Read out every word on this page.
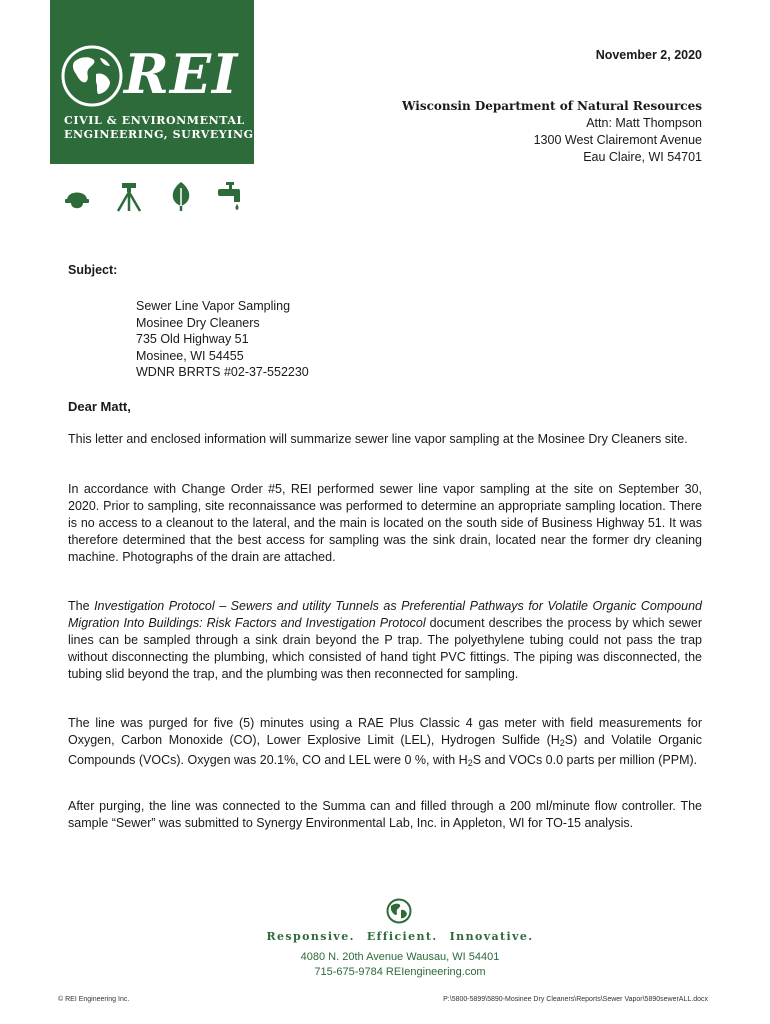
REI
CIVIL & ENVIRONMENTAL
ENGINEERING, SURVEYING
November 2, 2020
Wisconsin Department of Natural Resources
Attn: Matt Thompson
1300 West Clairemont Avenue
Eau Claire, WI 54701
Subject:
Sewer Line Vapor Sampling
Mosinee Dry Cleaners
735 Old Highway 51
Mosinee, WI 54455
WDNR BRRTS #02-37-552230
Dear Matt,

This letter and enclosed information will summarize sewer line vapor sampling at the Mosinee Dry Cleaners site.

In accordance with Change Order #5, REI performed sewer line vapor sampling at the site on September 30, 2020. Prior to sampling, site reconnaissance was performed to determine an appropriate sampling location. There is no access to a cleanout to the lateral, and the main is located on the south side of Business Highway 51. It was therefore determined that the best access for sampling was the sink drain, located near the former dry cleaning machine. Photographs of the drain are attached.

The Investigation Protocol – Sewers and utility Tunnels as Preferential Pathways for Volatile Organic Compound Migration Into Buildings: Risk Factors and Investigation Protocol document describes the process by which sewer lines can be sampled through a sink drain beyond the P trap. The polyethylene tubing could not pass the trap without disconnecting the plumbing, which consisted of hand tight PVC fittings. The piping was disconnected, the tubing slid beyond the trap, and the plumbing was then reconnected for sampling.

The line was purged for five (5) minutes using a RAE Plus Classic 4 gas meter with field measurements for Oxygen, Carbon Monoxide (CO), Lower Explosive Limit (LEL), Hydrogen Sulfide $(H_2S)$ and Volatile Organic Compounds (VOCs). Oxygen was 20.1%, CO and LEL were 0 %, with $H_2S$ and VOCs 0.0 parts per million (PPM).

After purging, the line was connected to the Summa can and filled through a 200 ml/minute flow controller. The sample “Sewer” was submitted to Synergy Environmental Lab, Inc. in Appleton, WI for TO-15 analysis.

Responsive. Efficient. Innovative.
4080 N. 20th Avenue Wausau, WI 54401
715-675-9784 REIengineering.com
© REI Engineering Inc.	P:\5800-5899\5890-Mosinee Dry Cleaners\Reports\Sewer Vapor\5890sewerALL.docx
